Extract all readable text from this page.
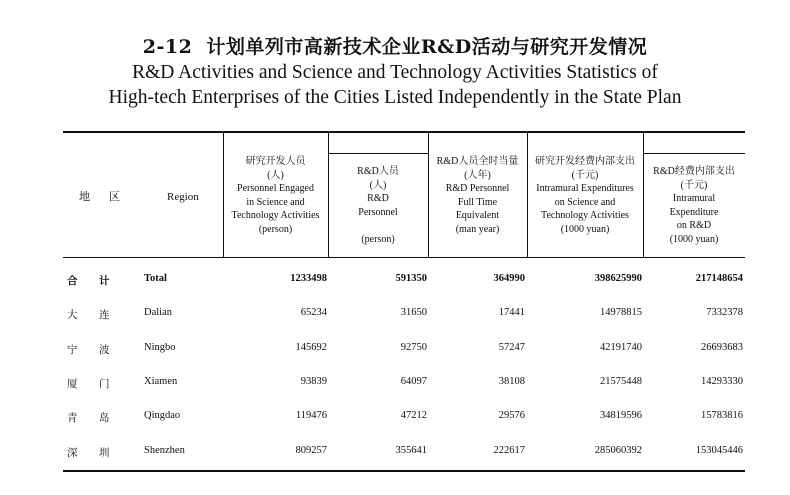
2-12 计划单列市高新技术企业R&D活动与研究开发情况
R&D Activities and Science and Technology Activities Statistics of
High-tech Enterprises of the Cities Listed Independently in the State Plan
地　区	Region
研究开发人员
(人)
Personnel Engaged
in Science and
Technology Activities
(person)
R&D人员
(人)
R&D
Personnel
(person)
R&D人员全时当量
(人年)
R&D Personnel
Full Time
Equivalent
(man year)
研究开发经费内部支出
(千元)
Intramural Expenditures
on Science and
Technology Activities
(1000 yuan)
R&D经费内部支出
(千元)
Intramural
Expenditure
on R&D
(1000 yuan)
合 计	Total	1233498	591350	364990	398625990	217148654
大 连	Dalian	65234	31650	17441	14978815	7332378
宁 波	Ningbo	145692	92750	57247	42191740	26693683
厦 门	Xiamen	93839	64097	38108	21575448	14293330
青 岛	Qingdao	119476	47212	29576	34819596	15783816
深 圳	Shenzhen	809257	355641	222617	285060392	153045446
